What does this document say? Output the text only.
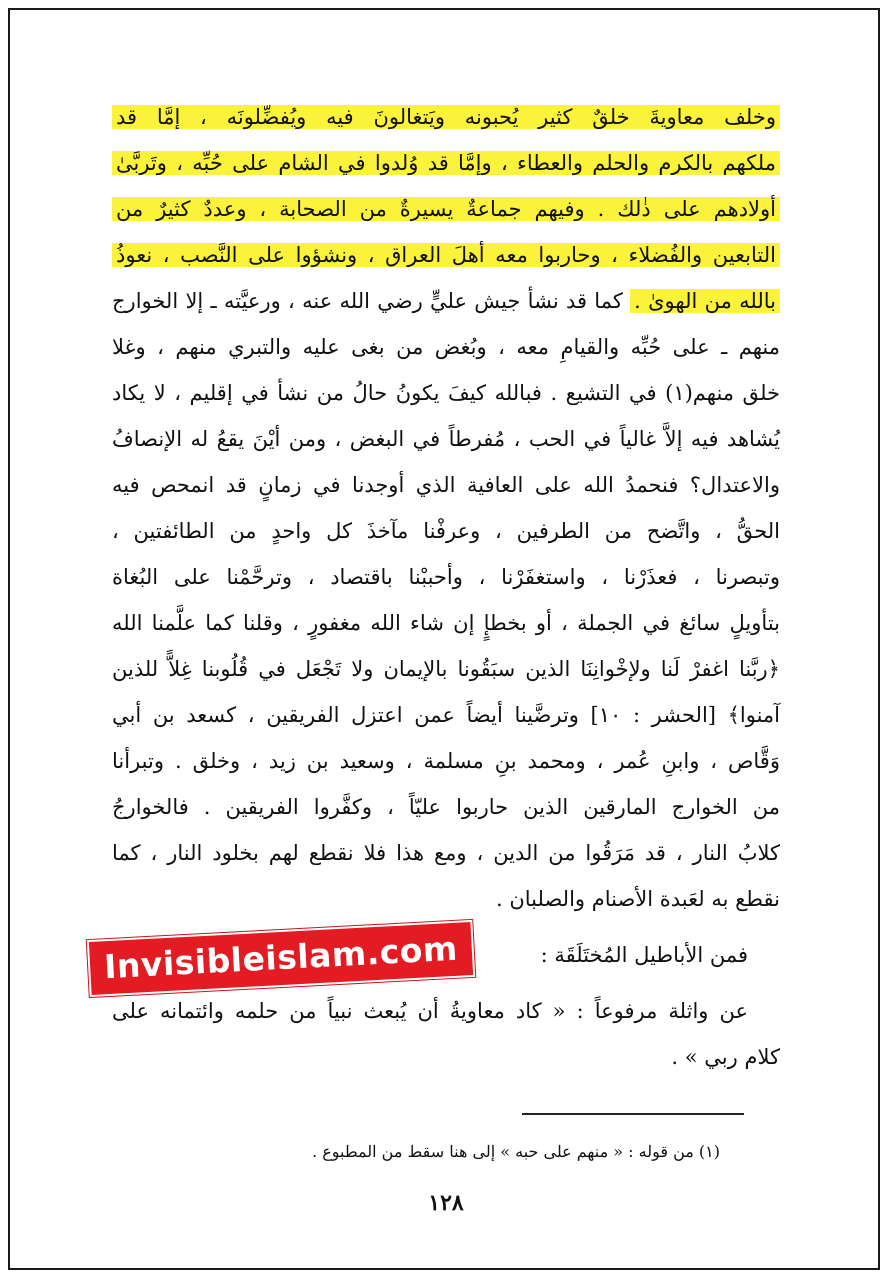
وخلف معاويةَ خلقٌ كثير يُحبونه ويَتغالونَ فيه ويُفضِّلونَه ، إمَّا قد
ملكهم بالكرم والحلم والعطاء ، وإمَّا قد وُلدوا في الشام على حُبِّه ، وتَربَّىٰ
أولادهم على ذٰلك . وفيهم جماعةٌ يسيرةٌ من الصحابة ، وعددٌ كثيرٌ من
التابعين والفُضلاء ، وحاربوا معه أهلَ العراق ، ونشؤوا على النَّصب ، نعوذُ
بالله من الهوىٰ . كما قد نشأ جيش عليٍّ رضي الله عنه ، ورعيَّته ـ إلا الخوارج
منهم ـ على حُبِّه والقيامِ معه ، وبُغض من بغى عليه والتبري منهم ، وغلا
خلق منهم(١) في التشيع . فبالله كيفَ يكونُ حالُ من نشأ في إقليم ، لا يكاد
يُشاهد فيه إلاَّ غالياً في الحب ، مُفرطاً في البغض ، ومن أيْنَ يقعُ له الإنصافُ
والاعتدال؟ فنحمدُ الله على العافية الذي أوجدنا في زمانٍ قد انمحص فيه
الحقُّ ، واتَّضح من الطرفين ، وعرفْنا مآخذَ كل واحدٍ من الطائفتين ،
وتبصرنا ، فعذَرْنا ، واستغفَرْنا ، وأحببْنا باقتصاد ، وترحَّمْنا على البُغاة
بتأويلٍ سائغ في الجملة ، أو بخطإٍ إن شاء الله مغفورٍ ، وقلنا كما علَّمنا الله
﴿ربَّنا اغفرْ لَنا ولإخْوانِنَا الذين سبَقُونا بالإيمان ولا تَجْعَل في قُلُوبنا غِلاًّ للذين
آمنوا﴾ [الحشر : ١٠] وترضَّينا أيضاً عمن اعتزل الفريقين ، كسعد بن أبي
وَقَّاص ، وابنِ عُمر ، ومحمد بنِ مسلمة ، وسعيد بن زيد ، وخلق . وتبرأنا
من الخوارج المارقين الذين حاربوا عليّاً ، وكفَّروا الفريقين . فالخوارجُ
كلابُ النار ، قد مَرَقُوا من الدين ، ومع هذا فلا نقطع لهم بخلود النار ، كما
نقطع به لعَبدة الأصنام والصلبان .
فمن الأباطيل المُختَلَقَة :
عن واثلة مرفوعاً : « كاد معاويةُ أن يُبعث نبياً من حلمه وائتمانه على
كلام ربي » .
Invisibleislam.com
(١) من قوله : « منهم على حبه » إلى هنا سقط من المطبوع .
١٢٨
